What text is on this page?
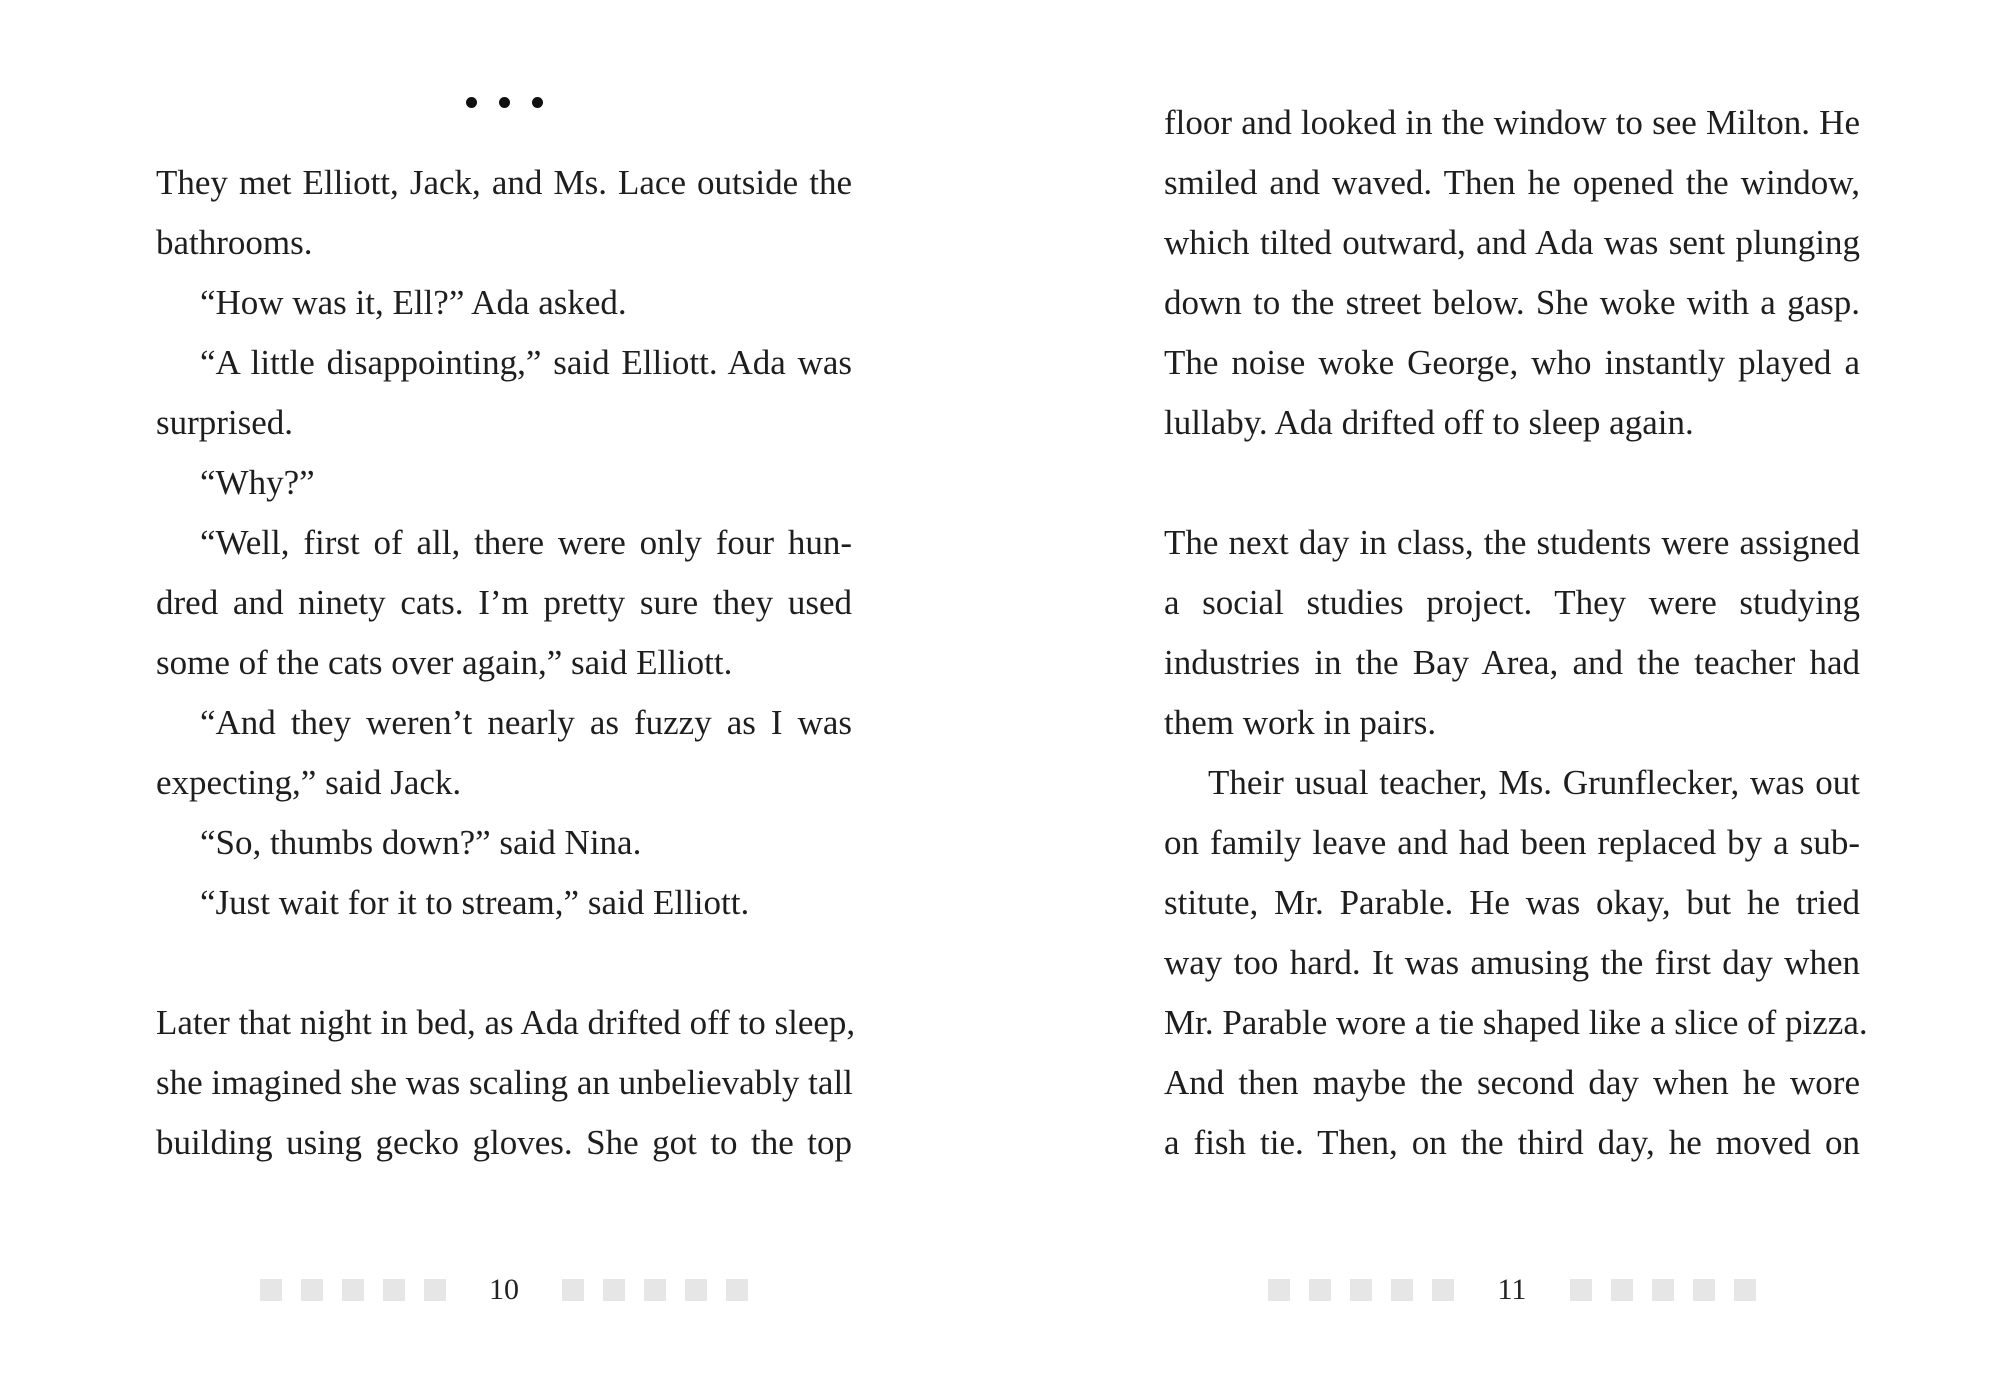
They met Elliott, Jack, and Ms. Lace outside the
bathrooms.
“How was it, Ell?” Ada asked.
“A little disappointing,” said Elliott. Ada was
surprised.
“Why?”
“Well, first of all, there were only four hun-
dred and ninety cats. I’m pretty sure they used
some of the cats over again,” said Elliott.
“And they weren’t nearly as fuzzy as I was
expecting,” said Jack.
“So, thumbs down?” said Nina.
“Just wait for it to stream,” said Elliott.
Later that night in bed, as Ada drifted off to sleep,
she imagined she was scaling an unbelievably tall
building using gecko gloves. She got to the top
10
floor and looked in the window to see Milton. He
smiled and waved. Then he opened the window,
which tilted outward, and Ada was sent plunging
down to the street below. She woke with a gasp.
The noise woke George, who instantly played a
lullaby. Ada drifted off to sleep again.
The next day in class, the students were assigned
a social studies project. They were studying
industries in the Bay Area, and the teacher had
them work in pairs.
Their usual teacher, Ms. Grunflecker, was out
on family leave and had been replaced by a sub-
stitute, Mr. Parable. He was okay, but he tried
way too hard. It was amusing the first day when
Mr. Parable wore a tie shaped like a slice of pizza.
And then maybe the second day when he wore
a fish tie. Then, on the third day, he moved on
11
